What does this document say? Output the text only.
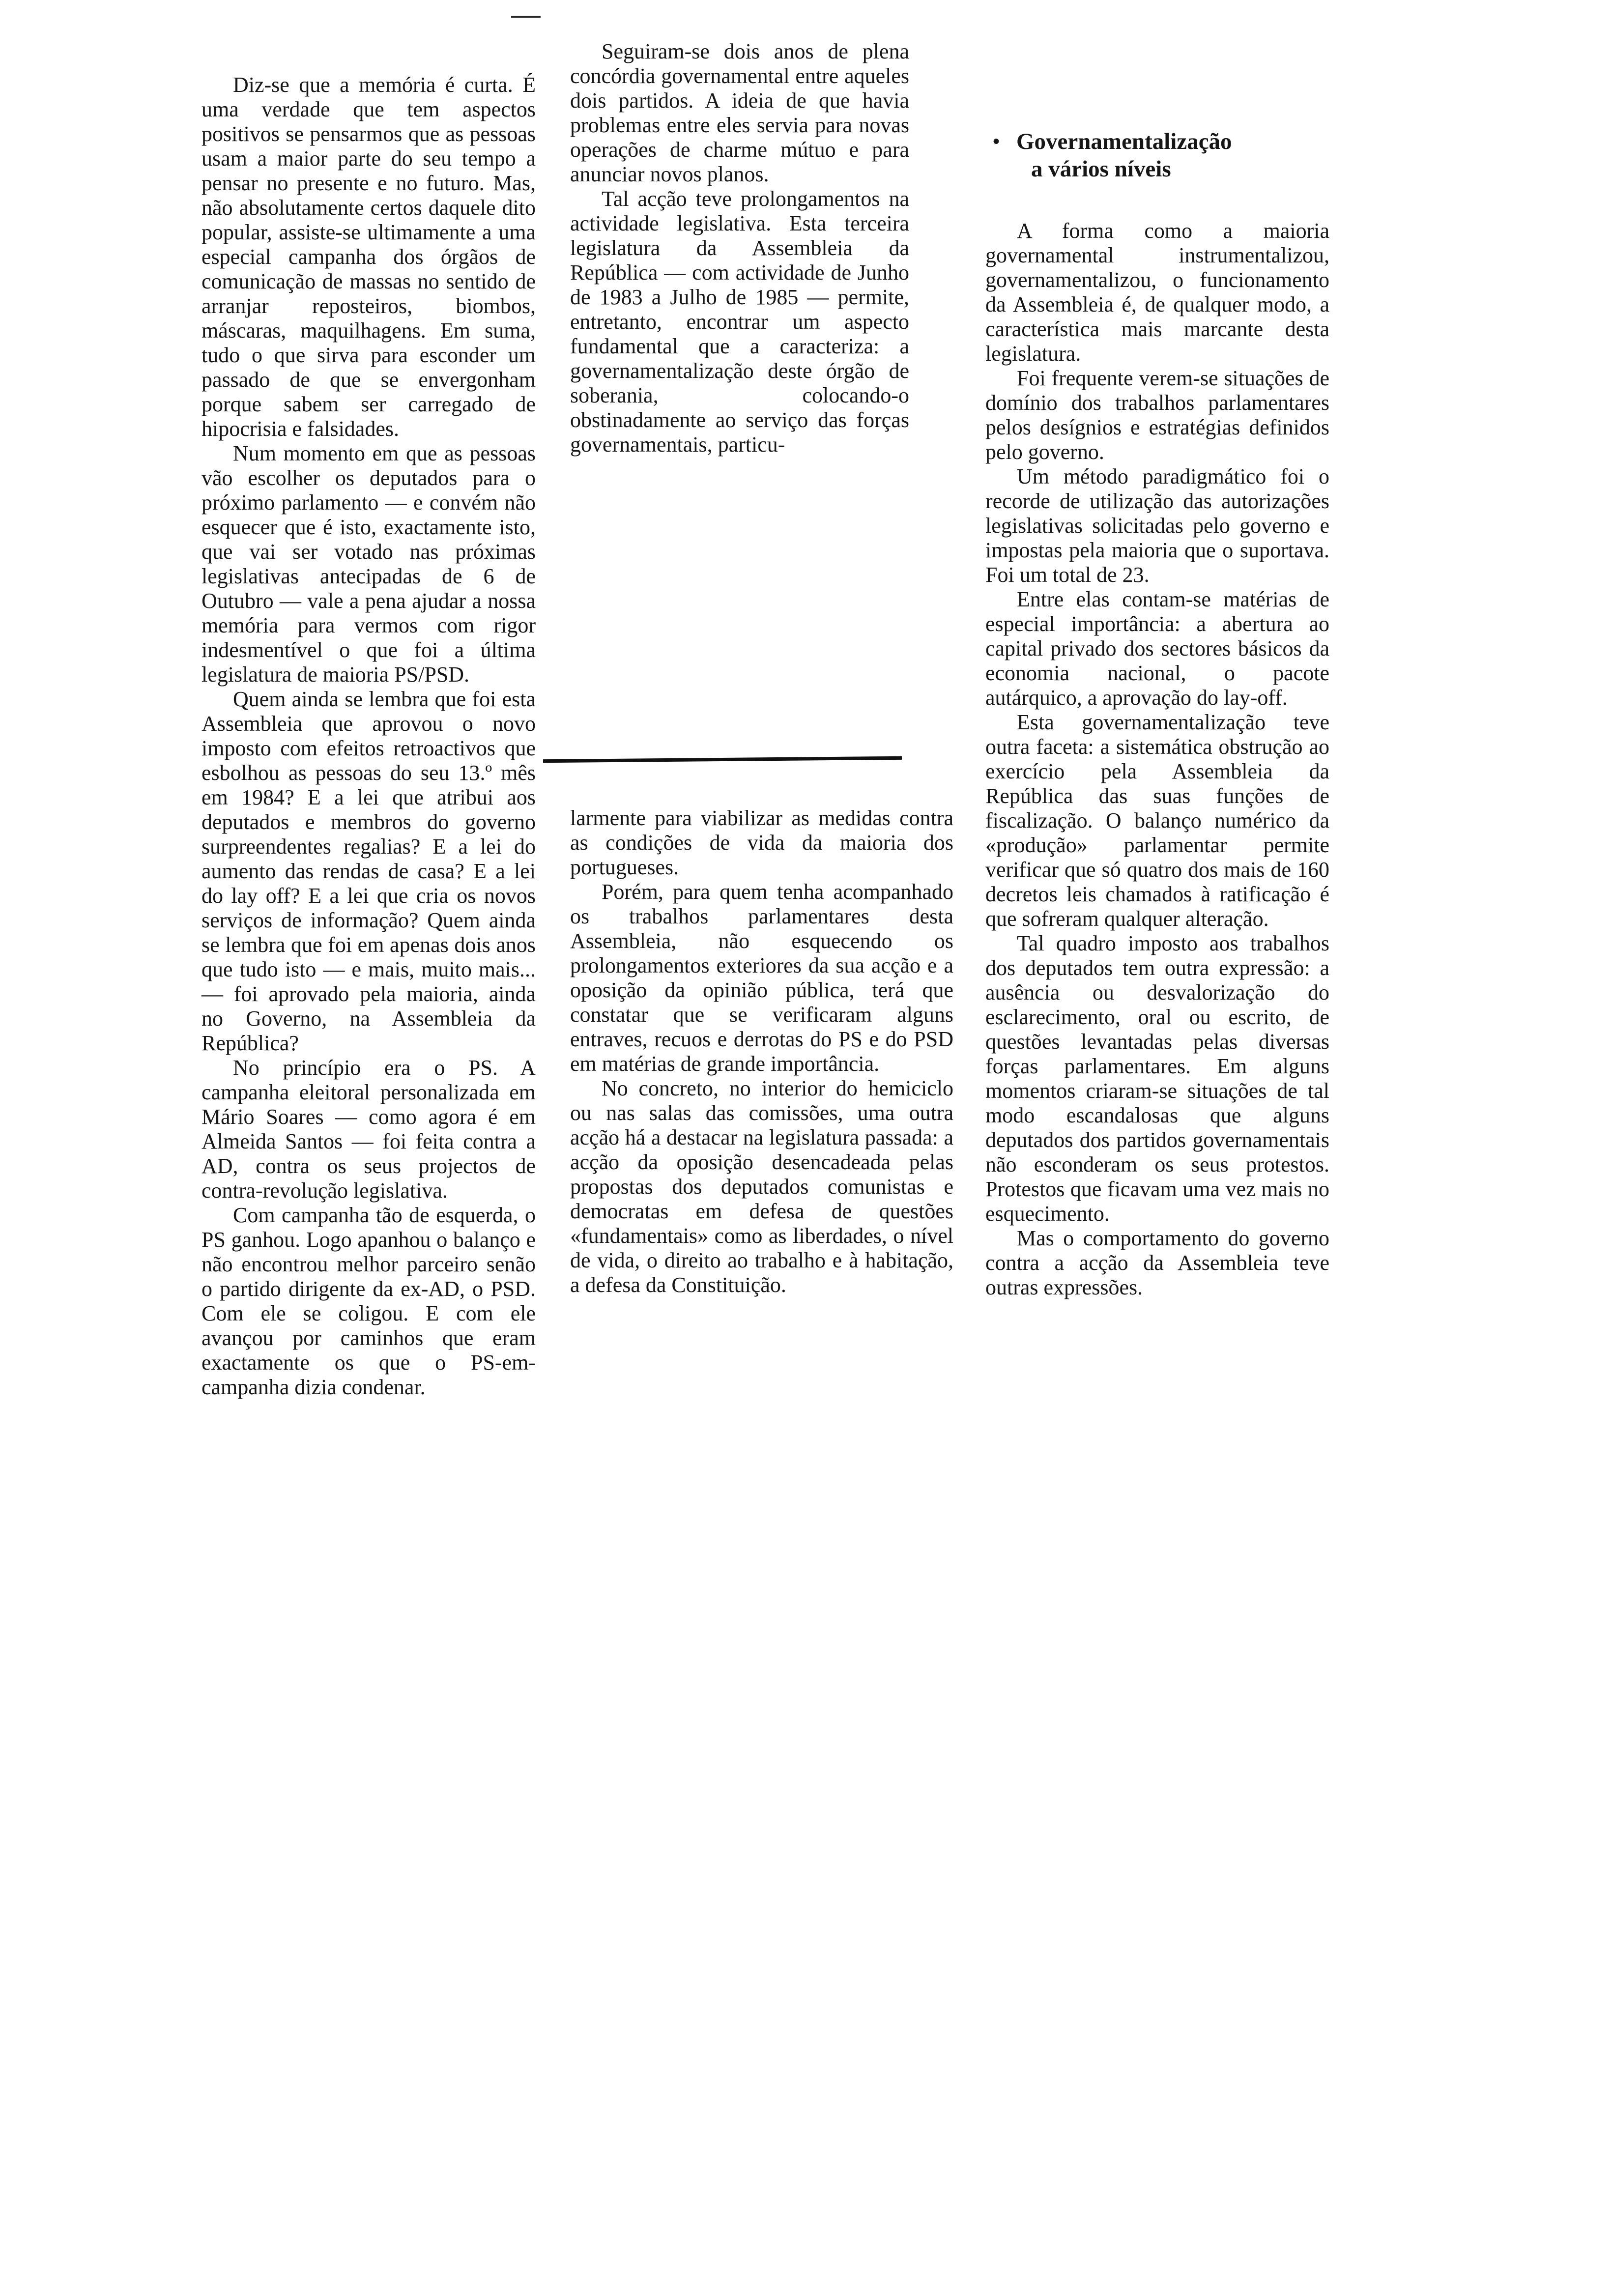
Diz-se que a memória é curta. É uma verdade que tem aspectos positivos se pensarmos que as pessoas usam a maior parte do seu tempo a pensar no presente e no futuro. Mas, não absolutamente certos daquele dito popular, assiste-se ultimamente a uma especial campanha dos órgãos de comunicação de massas no sentido de arranjar reposteiros, biombos, máscaras, maquilhagens. Em suma, tudo o que sirva para esconder um passado de que se envergonham porque sabem ser carregado de hipocrisia e falsidades.

Num momento em que as pessoas vão escolher os deputados para o próximo parlamento — e convém não esquecer que é isto, exactamente isto, que vai ser votado nas próximas legislativas antecipadas de 6 de Outubro — vale a pena ajudar a nossa memória para vermos com rigor indesmentível o que foi a última legislatura de maioria PS/PSD.

Quem ainda se lembra que foi esta Assembleia que aprovou o novo imposto com efeitos retroactivos que esbolhou as pessoas do seu 13.º mês em 1984? E a lei que atribui aos deputados e membros do governo surpreendentes regalias? E a lei do aumento das rendas de casa? E a lei do lay off? E a lei que cria os novos serviços de informação? Quem ainda se lembra que foi em apenas dois anos que tudo isto — e mais, muito mais... — foi aprovado pela maioria, ainda no Governo, na Assembleia da República?

No princípio era o PS. A campanha eleitoral personalizada em Mário Soares — como agora é em Almeida Santos — foi feita contra a AD, contra os seus projectos de contra-revolução legislativa.

Com campanha tão de esquerda, o PS ganhou. Logo apanhou o balanço e não encontrou melhor parceiro senão o partido dirigente da ex-AD, o PSD. Com ele se coligou. E com ele avançou por caminhos que eram exactamente os que o PS-em-campanha dizia condenar.

Seguiram-se dois anos de plena concórdia governamental entre aqueles dois partidos. A ideia de que havia problemas entre eles servia para novas operações de charme mútuo e para anunciar novos planos.

Tal acção teve prolongamentos na actividade legislativa. Esta terceira legislatura da Assembleia da República — com actividade de Junho de 1983 a Julho de 1985 — permite, entretanto, encontrar um aspecto fundamental que a caracteriza: a governamentalização deste órgão de soberania, colocando-o obstinadamente ao serviço das forças governamentais, particu-

larmente para viabilizar as medidas contra as condições de vida da maioria dos portugueses.

Porém, para quem tenha acompanhado os trabalhos parlamentares desta Assembleia, não esquecendo os prolongamentos exteriores da sua acção e a oposição da opinião pública, terá que constatar que se verificaram alguns entraves, recuos e derrotas do PS e do PSD em matérias de grande importância.

No concreto, no interior do hemiciclo ou nas salas das comissões, uma outra acção há a destacar na legislatura passada: a acção da oposição desencadeada pelas propostas dos deputados comunistas e democratas em defesa de questões «fundamentais» como as liberdades, o nível de vida, o direito ao trabalho e à habitação, a defesa da Constituição.

• Governamentalização
a vários níveis

A forma como a maioria governamental instrumentalizou, governamentalizou, o funcionamento da Assembleia é, de qualquer modo, a característica mais marcante desta legislatura.

Foi frequente verem-se situações de domínio dos trabalhos parlamentares pelos desígnios e estratégias definidos pelo governo.

Um método paradigmático foi o recorde de utilização das autorizações legislativas solicitadas pelo governo e impostas pela maioria que o suportava. Foi um total de 23.

Entre elas contam-se matérias de especial importância: a abertura ao capital privado dos sectores básicos da economia nacional, o pacote autárquico, a aprovação do lay-off.

Esta governamentalização teve outra faceta: a sistemática obstrução ao exercício pela Assembleia da República das suas funções de fiscalização. O balanço numérico da «produção» parlamentar permite verificar que só quatro dos mais de 160 decretos leis chamados à ratificação é que sofreram qualquer alteração.

Tal quadro imposto aos trabalhos dos deputados tem outra expressão: a ausência ou desvalorização do esclarecimento, oral ou escrito, de questões levantadas pelas diversas forças parlamentares. Em alguns momentos criaram-se situações de tal modo escandalosas que alguns deputados dos partidos governamentais não esconderam os seus protestos. Protestos que ficavam uma vez mais no esquecimento.

Mas o comportamento do governo contra a acção da Assembleia teve outras expressões.
